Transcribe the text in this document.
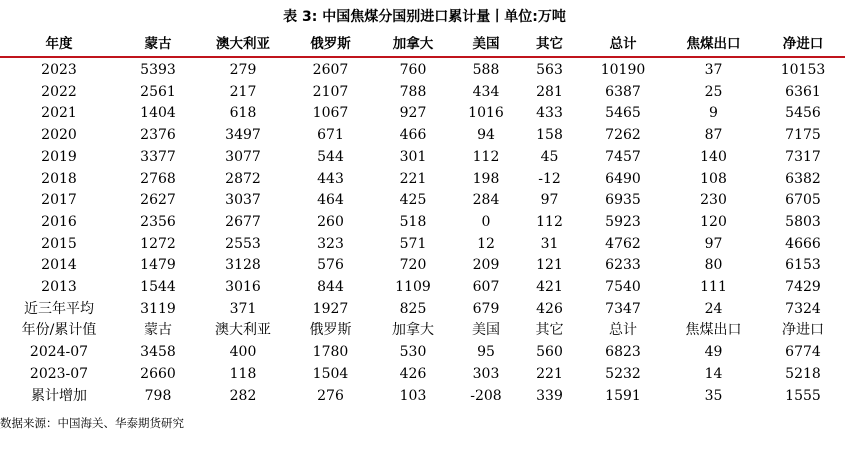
表 3: 中国焦煤分国别进口累计量丨单位:万吨
年度	蒙古	澳大利亚	俄罗斯	加拿大	美国	其它	总计	焦煤出口	净进口
2023	5393	279	2607	760	588	563	10190	37	10153
2022	2561	217	2107	788	434	281	6387	25	6361
2021	1404	618	1067	927	1016	433	5465	9	5456
2020	2376	3497	671	466	94	158	7262	87	7175
2019	3377	3077	544	301	112	45	7457	140	7317
2018	2768	2872	443	221	198	-12	6490	108	6382
2017	2627	3037	464	425	284	97	6935	230	6705
2016	2356	2677	260	518	0	112	5923	120	5803
2015	1272	2553	323	571	12	31	4762	97	4666
2014	1479	3128	576	720	209	121	6233	80	6153
2013	1544	3016	844	1109	607	421	7540	111	7429
近三年平均	3119	371	1927	825	679	426	7347	24	7324
年份/累计值	蒙古	澳大利亚	俄罗斯	加拿大	美国	其它	总计	焦煤出口	净进口
2024-07	3458	400	1780	530	95	560	6823	49	6774
2023-07	2660	118	1504	426	303	221	5232	14	5218
累计增加	798	282	276	103	-208	339	1591	35	1555
数据来源：中国海关、华泰期货研究
